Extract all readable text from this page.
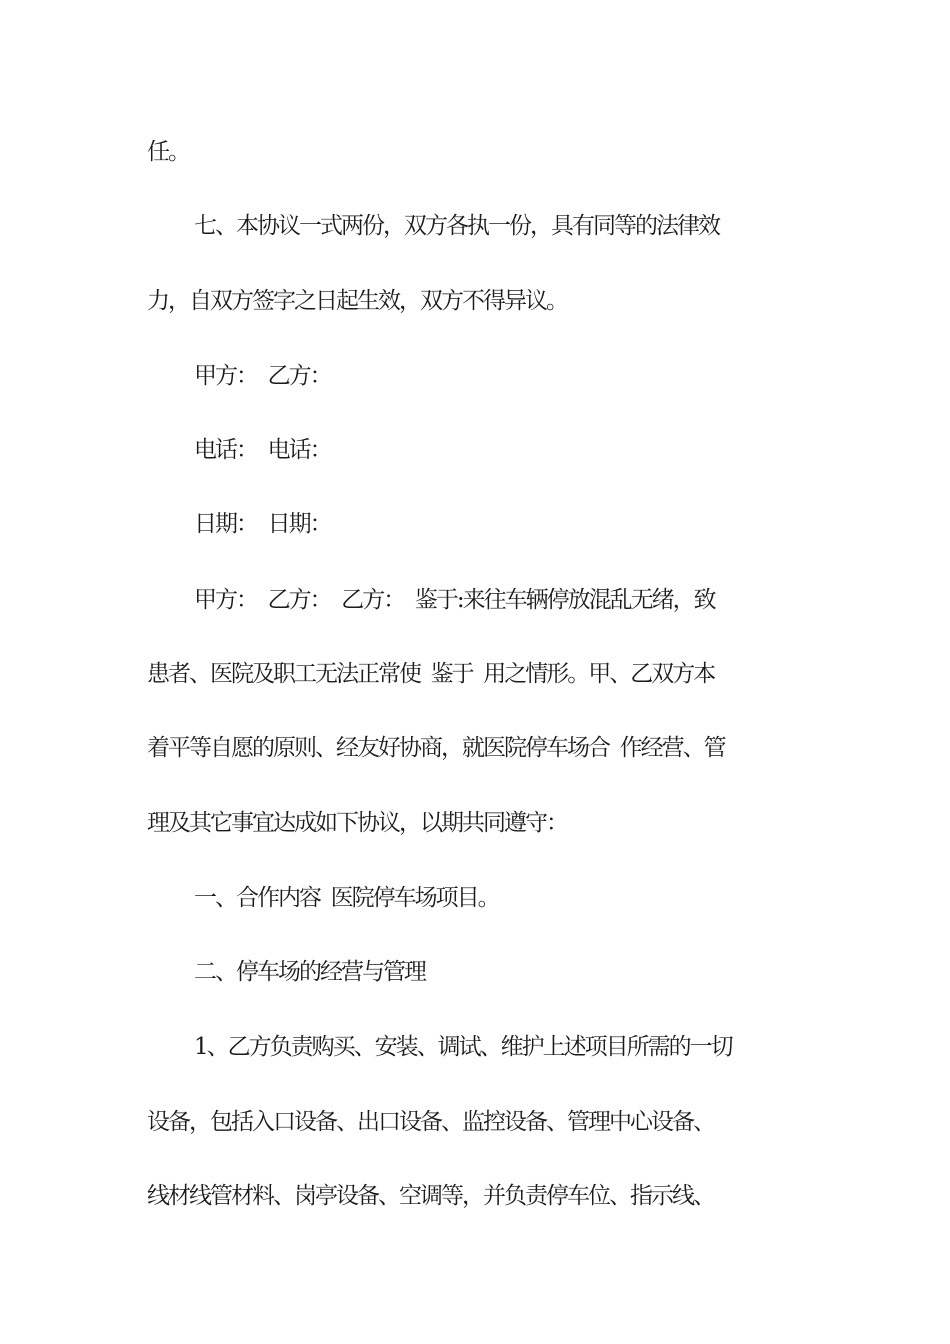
任。

七、本协议一式两份，双方各执一份，具有同等的法律效

力，自双方签字之日起生效，双方不得异议。

甲方：  乙方：

电话：  电话：

日期：  日期：

甲方：  乙方：  乙方：  鉴于:来往车辆停放混乱无绪，致

患者、医院及职工无法正常使  鉴于  用之情形。甲、乙双方本

着平等自愿的原则、经友好协商，就医院停车场合  作经营、管

理及其它事宜达成如下协议，以期共同遵守：

一、合作内容  医院停车场项目。

二、停车场的经营与管理

1、乙方负责购买、安装、调试、维护上述项目所需的一切

设备，包括入口设备、出口设备、监控设备、管理中心设备、

线材线管材料、岗亭设备、空调等，并负责停车位、指示线、
